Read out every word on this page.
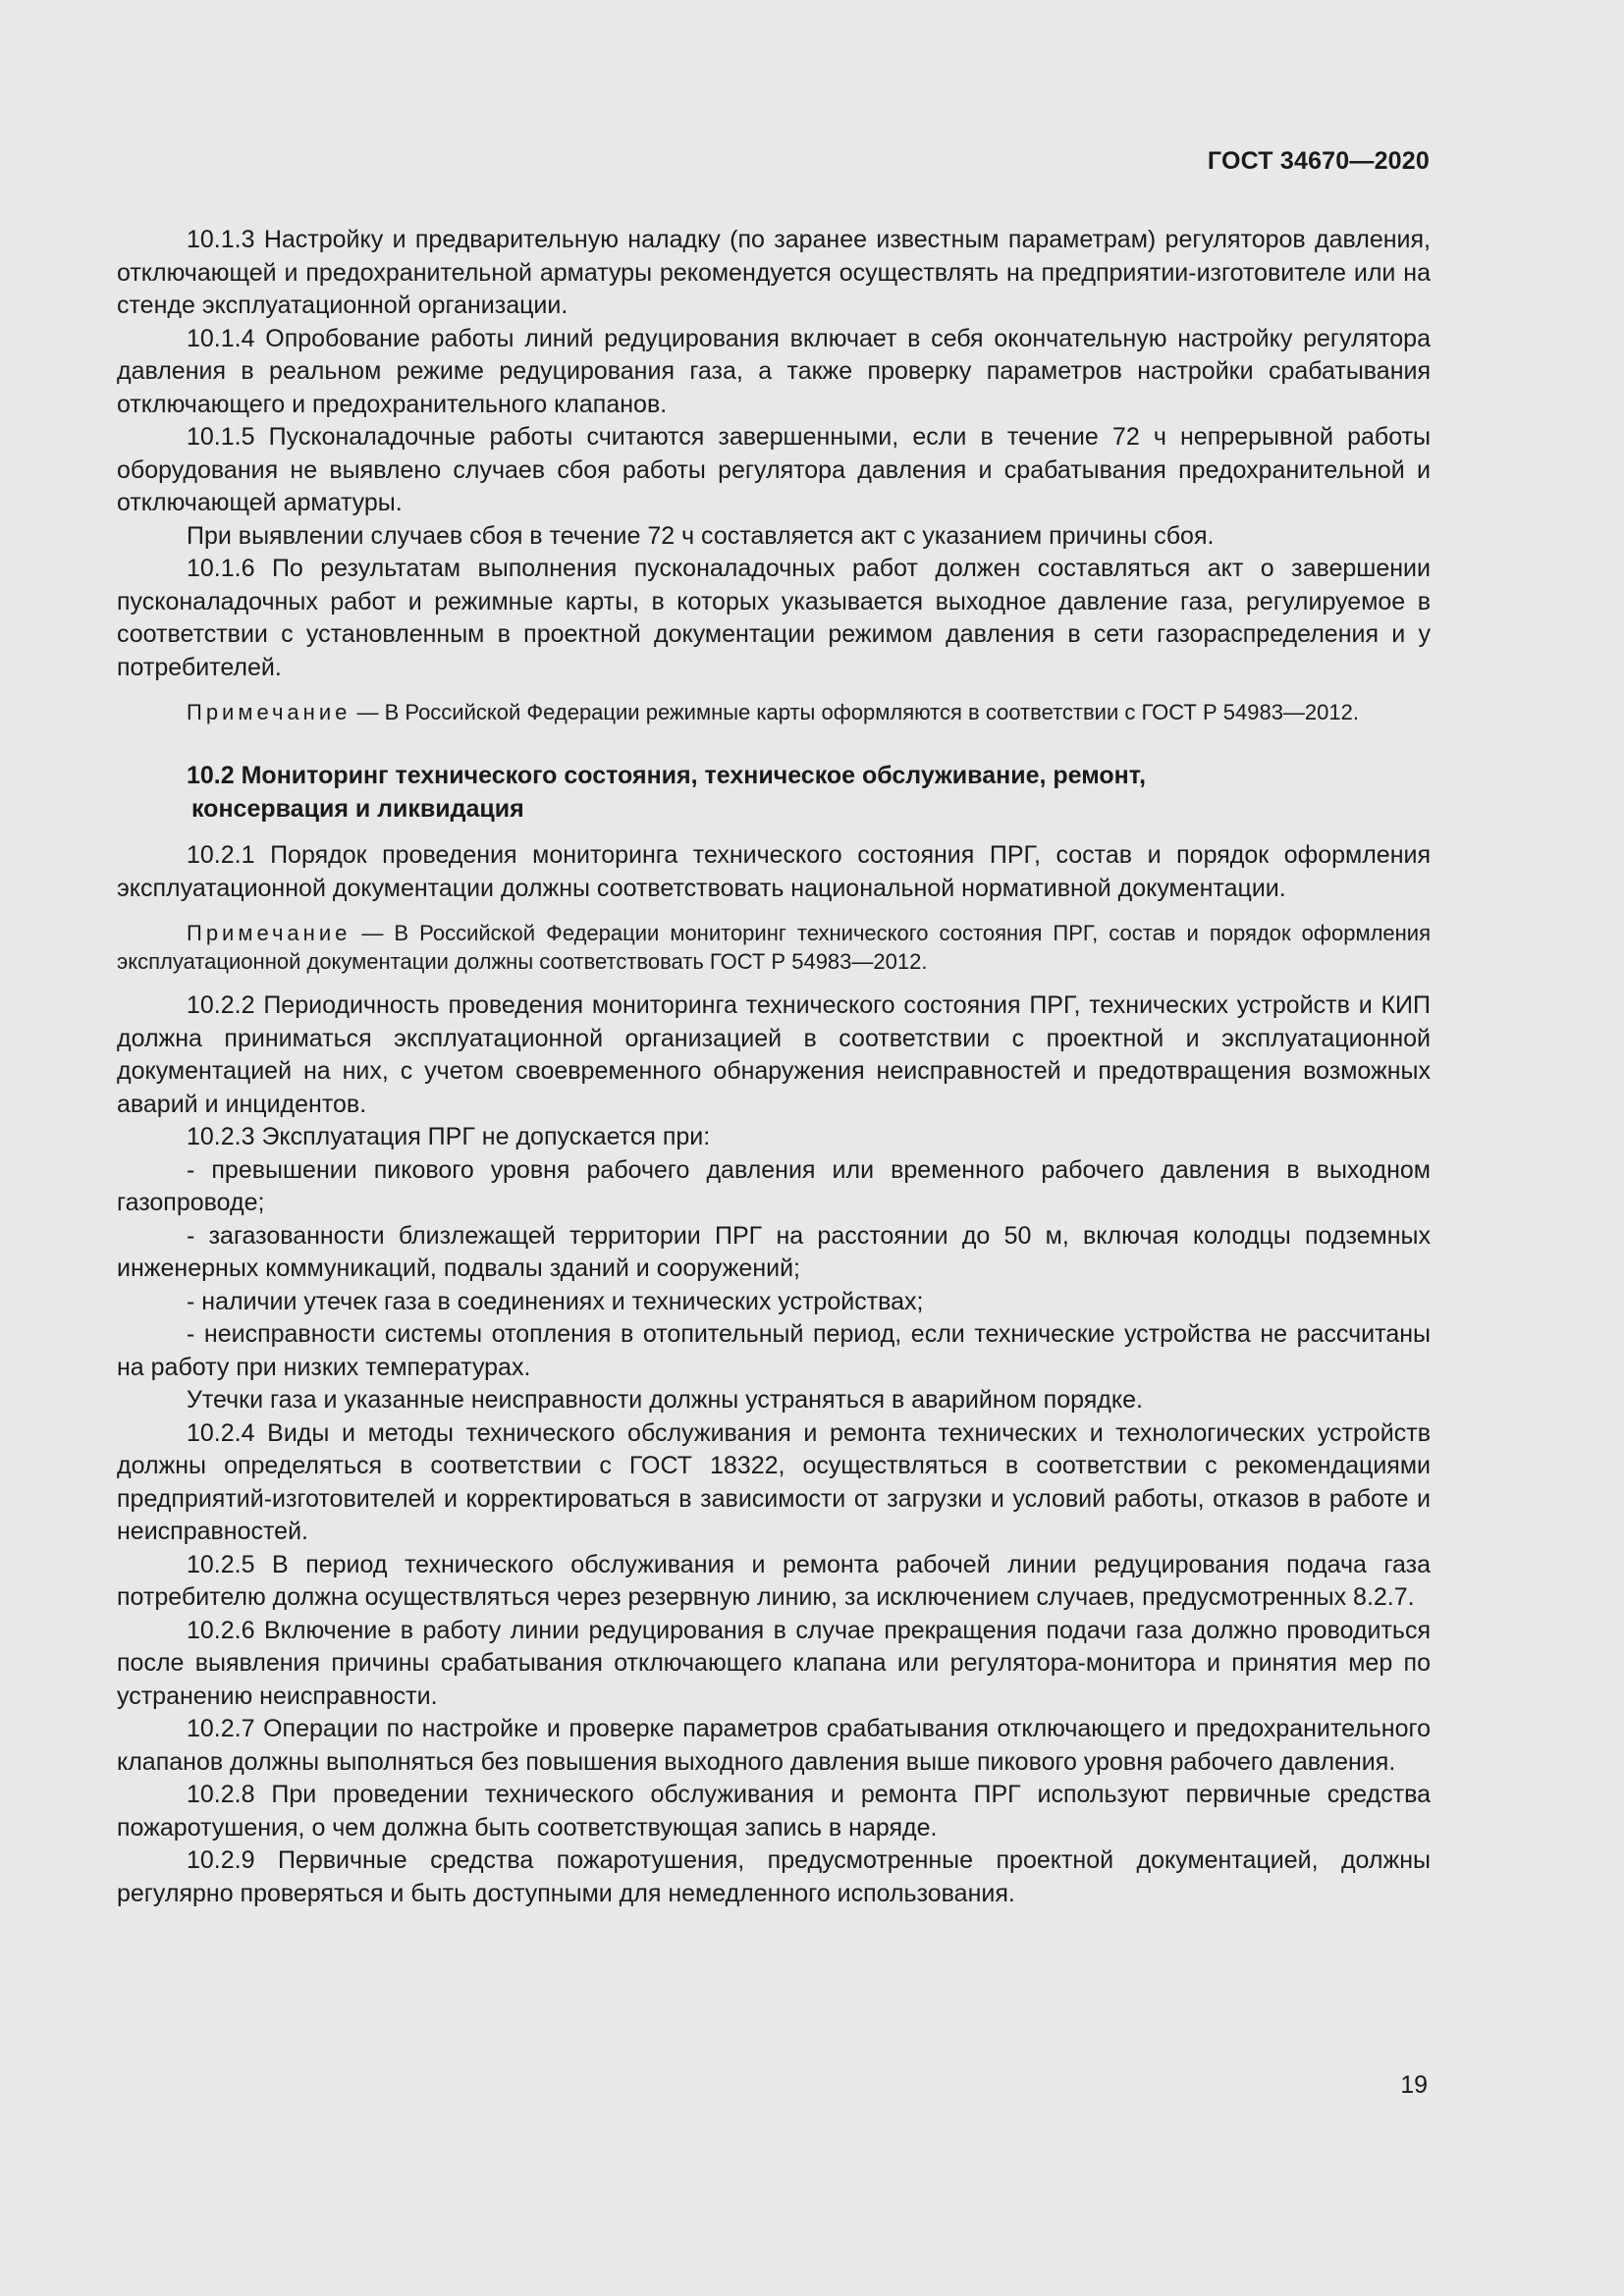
ГОСТ 34670—2020

10.1.3 Настройку и предварительную наладку (по заранее известным параметрам) регуляторов давления, отключающей и предохранительной арматуры рекомендуется осуществлять на предприятии-изготовителе или на стенде эксплуатационной организации.

10.1.4 Опробование работы линий редуцирования включает в себя окончательную настройку регулятора давления в реальном режиме редуцирования газа, а также проверку параметров настройки срабатывания отключающего и предохранительного клапанов.

10.1.5 Пусконаладочные работы считаются завершенными, если в течение 72 ч непрерывной работы оборудования не выявлено случаев сбоя работы регулятора давления и срабатывания предохранительной и отключающей арматуры.

При выявлении случаев сбоя в течение 72 ч составляется акт с указанием причины сбоя.

10.1.6 По результатам выполнения пусконаладочных работ должен составляться акт о завершении пусконаладочных работ и режимные карты, в которых указывается выходное давление газа, регулируемое в соответствии с установленным в проектной документации режимом давления в сети газораспределения и у потребителей.

Примечание — В Российской Федерации режимные карты оформляются в соответствии с ГОСТ Р 54983—2012.

10.2 Мониторинг технического состояния, техническое обслуживание, ремонт,
консервация и ликвидация

10.2.1 Порядок проведения мониторинга технического состояния ПРГ, состав и порядок оформления эксплуатационной документации должны соответствовать национальной нормативной документации.

Примечание — В Российской Федерации мониторинг технического состояния ПРГ, состав и порядок оформления эксплуатационной документации должны соответствовать ГОСТ Р 54983—2012.

10.2.2 Периодичность проведения мониторинга технического состояния ПРГ, технических устройств и КИП должна приниматься эксплуатационной организацией в соответствии с проектной и эксплуатационной документацией на них, с учетом своевременного обнаружения неисправностей и предотвращения возможных аварий и инцидентов.

10.2.3 Эксплуатация ПРГ не допускается при:

- превышении пикового уровня рабочего давления или временного рабочего давления в выходном газопроводе;

- загазованности близлежащей территории ПРГ на расстоянии до 50 м, включая колодцы подземных инженерных коммуникаций, подвалы зданий и сооружений;

- наличии утечек газа в соединениях и технических устройствах;

- неисправности системы отопления в отопительный период, если технические устройства не рассчитаны на работу при низких температурах.

Утечки газа и указанные неисправности должны устраняться в аварийном порядке.

10.2.4 Виды и методы технического обслуживания и ремонта технических и технологических устройств должны определяться в соответствии с ГОСТ 18322, осуществляться в соответствии с рекомендациями предприятий-изготовителей и корректироваться в зависимости от загрузки и условий работы, отказов в работе и неисправностей.

10.2.5 В период технического обслуживания и ремонта рабочей линии редуцирования подача газа потребителю должна осуществляться через резервную линию, за исключением случаев, предусмотренных 8.2.7.

10.2.6 Включение в работу линии редуцирования в случае прекращения подачи газа должно проводиться после выявления причины срабатывания отключающего клапана или регулятора-монитора и принятия мер по устранению неисправности.

10.2.7 Операции по настройке и проверке параметров срабатывания отключающего и предохранительного клапанов должны выполняться без повышения выходного давления выше пикового уровня рабочего давления.

10.2.8 При проведении технического обслуживания и ремонта ПРГ используют первичные средства пожаротушения, о чем должна быть соответствующая запись в наряде.

10.2.9 Первичные средства пожаротушения, предусмотренные проектной документацией, должны регулярно проверяться и быть доступными для немедленного использования.

19
